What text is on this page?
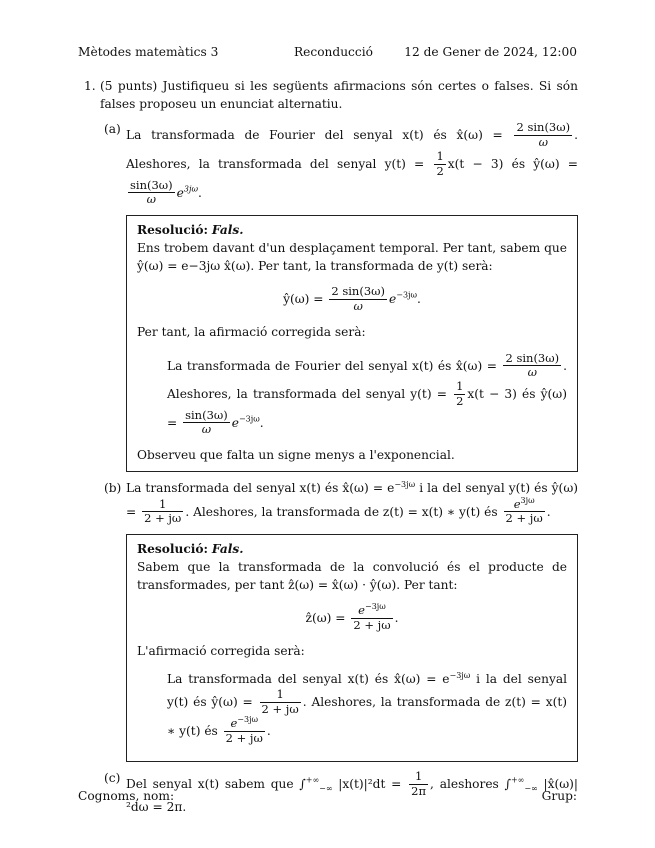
Mètodes matemàtics 3	Reconducció	12 de Gener de 2024, 12:00
1. (5 punts) Justifiqueu si les següents afirmacions són certes o falses. Si són falses proposeu un enunciat alternatiu.
(a) La transformada de Fourier del senyal x(t) és x̂(ω) = $\frac{2 \sin(3\omega)}{\omega}$ . Aleshores, la transformada del senyal $y(t) = \frac{1}{2} x(t - 3)$ és ŷ(ω) =
$\frac{\sin(3\omega)}{\omega} e^{3j\omega}$.

Resolució: Fals.

Ens trobem davant d'un desplaçament temporal. Per tant, sabem que ŷ(ω) = e−3jω x̂(ω). Per tant, la transformada de y(t) serà:

ŷ(ω) = $\frac{2 \sin(3\omega)}{\omega} e^{-3j\omega}$.

Per tant, la afirmació corregida serà:

La transformada de Fourier del senyal x(t) és x̂(ω) = $\frac{2 \sin(3\omega)}{\omega}$ . Aleshores, la transformada del senyal $y(t) = \frac{1}{2} x(t - 3)$ és ŷ(ω) = $\frac{\sin(3\omega)}{\omega} e^{-3j\omega}$.

Observeu que falta un signe menys a l'exponencial.

(b) La transformada del senyal x(t) és x̂(ω) = $e^{-3j\omega}$ i la del senyal y(t) és ŷ(ω) = $\frac{1}{2 + j\omega}$ . Aleshores, la transformada de z(t) = x(t) ∗ y(t) és $\frac{e^{3j\omega}}{2 + j\omega}$ .

Resolució: Fals.

Sabem que la transformada de la convolució és el producte de transformades, per tant ẑ(ω) = x̂(ω) · ŷ(ω). Per tant:

ẑ(ω) = $\frac{e^{-3j\omega}}{2 + j\omega}$ .

L'afirmació corregida serà:

La transformada del senyal x(t) és x̂(ω) = $e^{-3j\omega}$ i la del senyal y(t) és ŷ(ω) = $\frac{1}{2 + j\omega}$ . Aleshores, la transformada de z(t) = x(t) ∗ y(t) és $\frac{e^{-3j\omega}}{2 + j\omega}$ .
(c) Del senyal x(t) sabem que $\int^{+\infty}_{-\infty}$ $|x(t)|^2dt = \frac{1}{2\pi}$ , aleshores $\int^{+\infty}_{-\infty}$ |x̂(ω)|²dω = 2π.
Cognoms, nom:	Grup:
